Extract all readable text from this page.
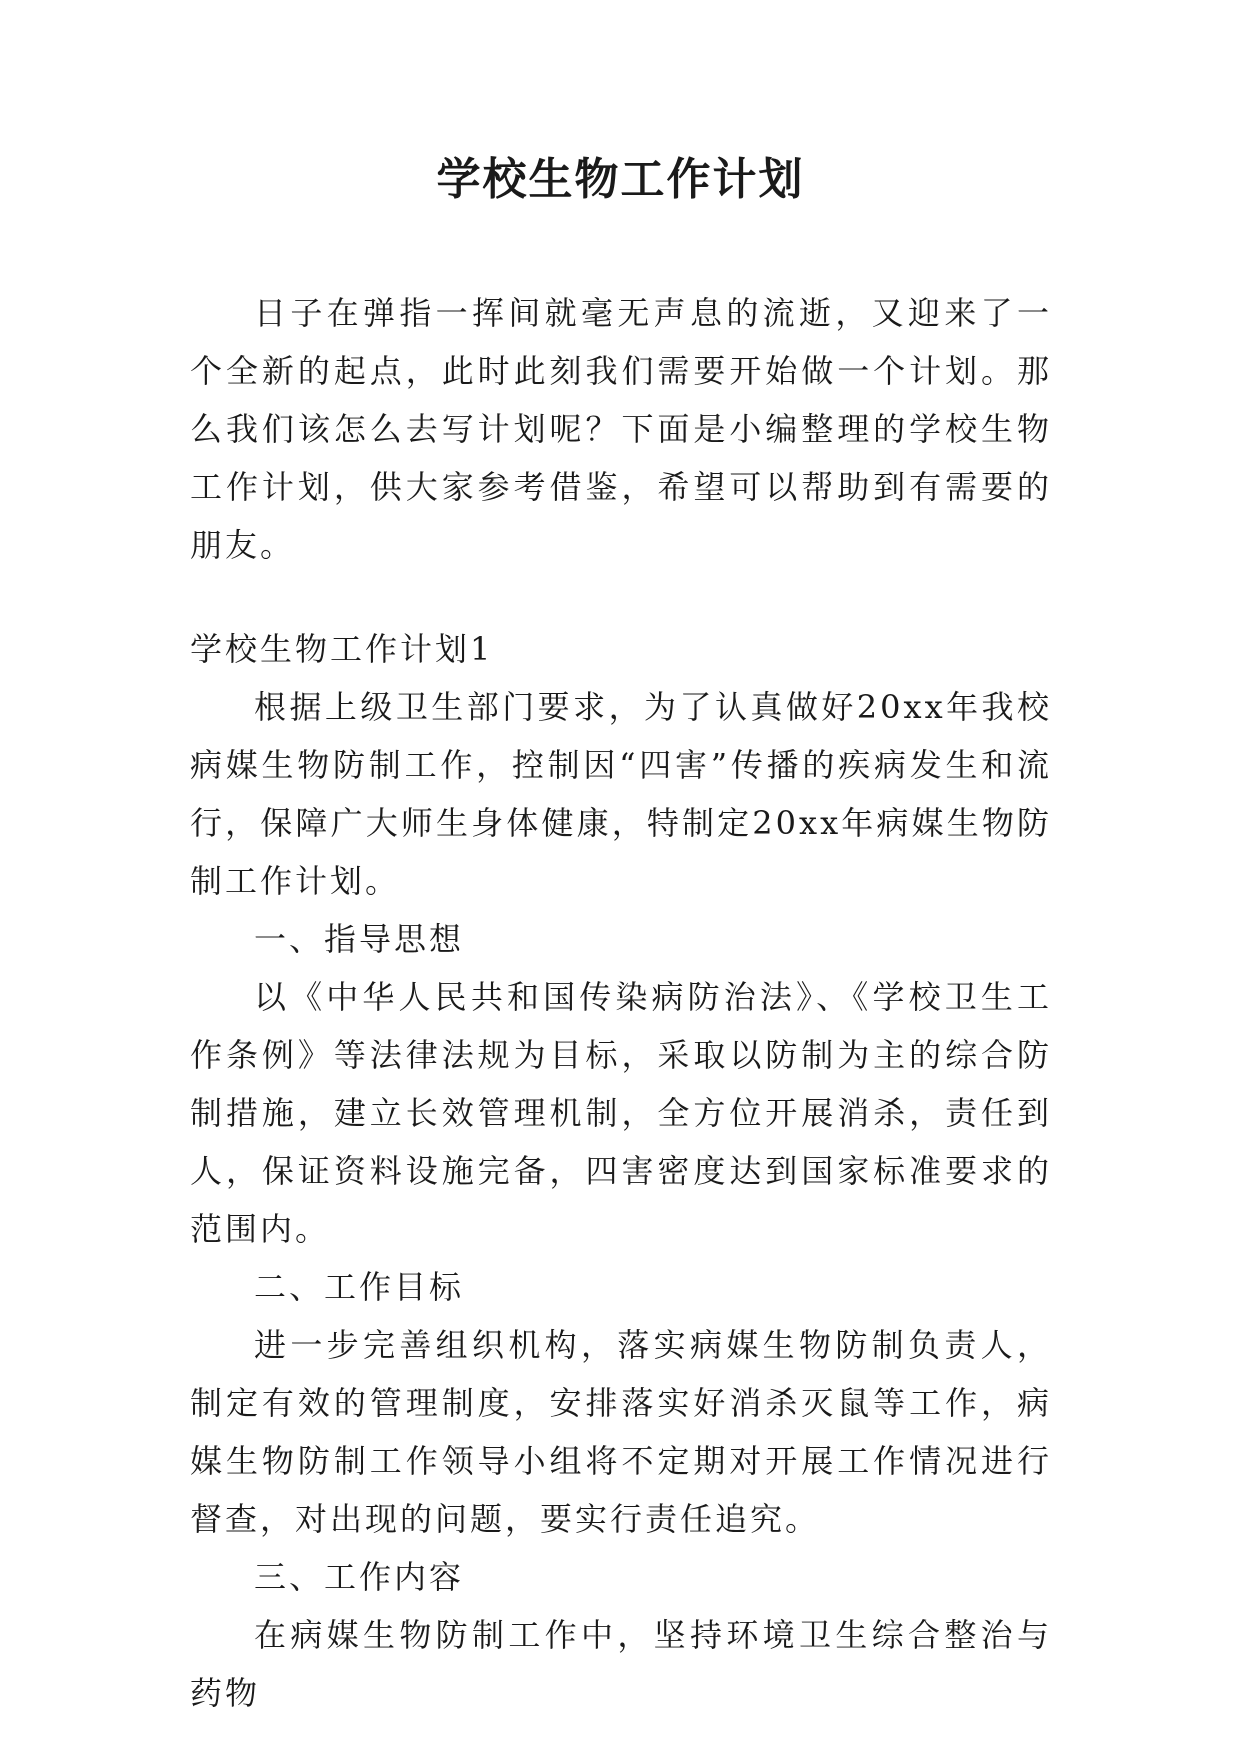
学校生物工作计划

日子在弹指一挥间就毫无声息的流逝，又迎来了一个全新的起点，此时此刻我们需要开始做一个计划。那么我们该怎么去写计划呢？下面是小编整理的学校生物工作计划，供大家参考借鉴，希望可以帮助到有需要的朋友。

学校生物工作计划1

根据上级卫生部门要求，为了认真做好20xx年我校病媒生物防制工作，控制因“四害”传播的疾病发生和流行，保障广大师生身体健康，特制定20xx年病媒生物防制工作计划。

一、指导思想

以《中华人民共和国传染病防治法》、《学校卫生工作条例》等法律法规为目标，采取以防制为主的综合防制措施，建立长效管理机制，全方位开展消杀，责任到人，保证资料设施完备，四害密度达到国家标准要求的范围内。

二、工作目标

进一步完善组织机构，落实病媒生物防制负责人，制定有效的管理制度，安排落实好消杀灭鼠等工作，病媒生物防制工作领导小组将不定期对开展工作情况进行督查，对出现的问题，要实行责任追究。

三、工作内容

在病媒生物防制工作中，坚持环境卫生综合整治与药物
